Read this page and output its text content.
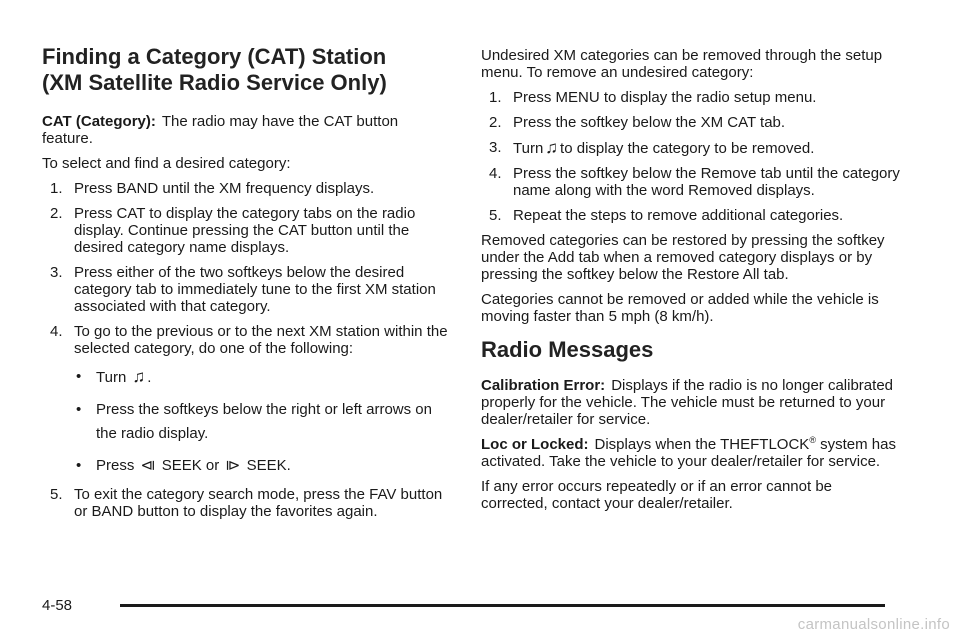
Finding a Category (CAT) Station
(XM Satellite Radio Service Only)

CAT (Category): The radio may have the CAT button feature.

To select and find a desired category:

1. Press BAND until the XM frequency displays.
2. Press CAT to display the category tabs on the radio display. Continue pressing the CAT button until the desired category name displays.
3. Press either of the two softkeys below the desired category tab to immediately tune to the first XM station associated with that category.
4. To go to the previous or to the next XM station within the selected category, do one of the following:
• Turn ♫ .
• Press the softkeys below the right or left arrows on the radio display.
• Press ⧏ SEEK or ⧐ SEEK.
5. To exit the category search mode, press the FAV button or BAND button to display the favorites again.

Undesired XM categories can be removed through the setup menu. To remove an undesired category:

1. Press MENU to display the radio setup menu.
2. Press the softkey below the XM CAT tab.
3. Turn ♫ to display the category to be removed.
4. Press the softkey below the Remove tab until the category name along with the word Removed displays.
5. Repeat the steps to remove additional categories.

Removed categories can be restored by pressing the softkey under the Add tab when a removed category displays or by pressing the softkey below the Restore All tab.

Categories cannot be removed or added while the vehicle is moving faster than 5 mph (8 km/h).

Radio Messages

Calibration Error: Displays if the radio is no longer calibrated properly for the vehicle. The vehicle must be returned to your dealer/retailer for service.

Loc or Locked: Displays when the THEFTLOCK® system has activated. Take the vehicle to your dealer/retailer for service.

If any error occurs repeatedly or if an error cannot be corrected, contact your dealer/retailer.

4-58
carmanualsonline.info
